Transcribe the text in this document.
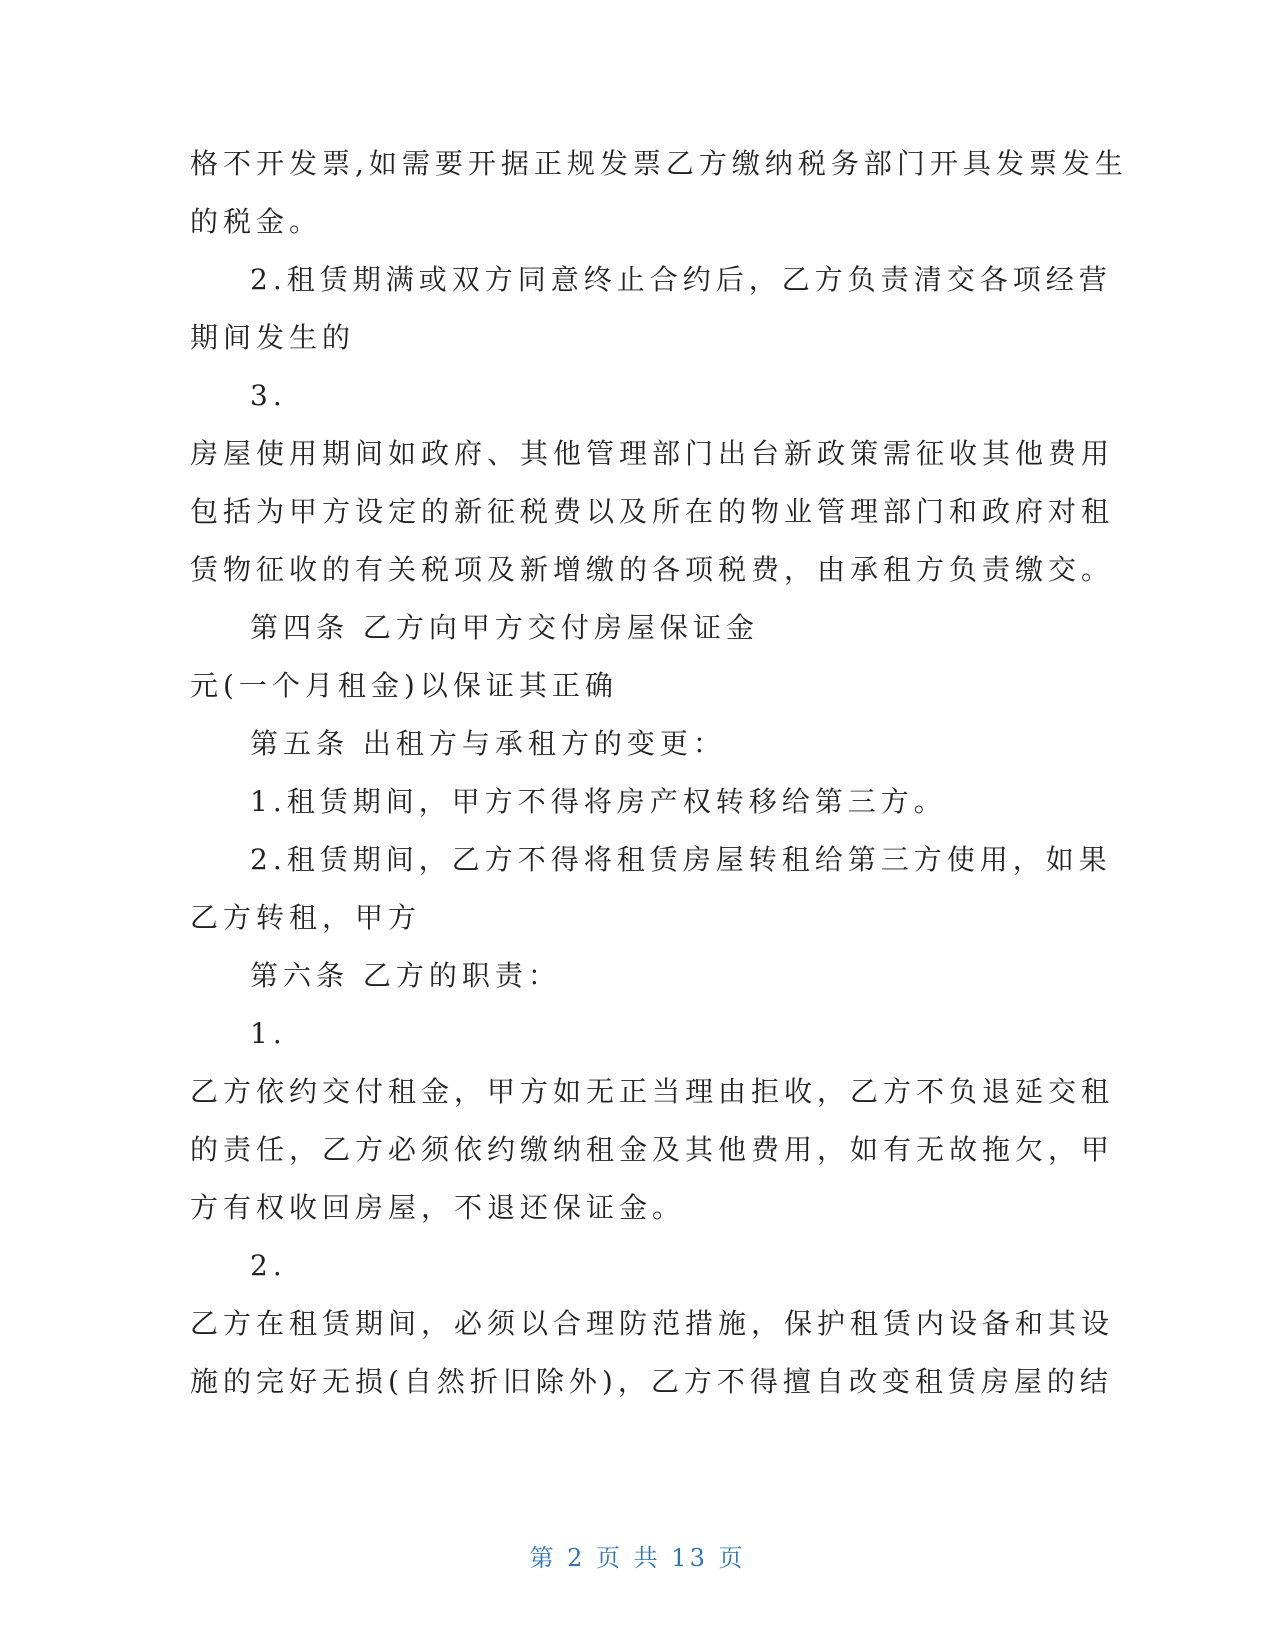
格不开发票,如需要开据正规发票乙方缴纳税务部门开具发票发生
的税金。
2.租赁期满或双方同意终止合约后，乙方负责清交各项经营
期间发生的
3.
房屋使用期间如政府、其他管理部门出台新政策需征收其他费用
包括为甲方设定的新征税费以及所在的物业管理部门和政府对租
赁物征收的有关税项及新增缴的各项税费，由承租方负责缴交。
第四条 乙方向甲方交付房屋保证金
元(一个月租金)以保证其正确
第五条 出租方与承租方的变更：
1.租赁期间，甲方不得将房产权转移给第三方。
2.租赁期间，乙方不得将租赁房屋转租给第三方使用，如果
乙方转租，甲方
第六条 乙方的职责：
1.
乙方依约交付租金，甲方如无正当理由拒收，乙方不负退延交租
的责任，乙方必须依约缴纳租金及其他费用，如有无故拖欠，甲
方有权收回房屋，不退还保证金。
2.
乙方在租赁期间，必须以合理防范措施，保护租赁内设备和其设
施的完好无损(自然折旧除外)，乙方不得擅自改变租赁房屋的结
第 2 页 共 13 页
